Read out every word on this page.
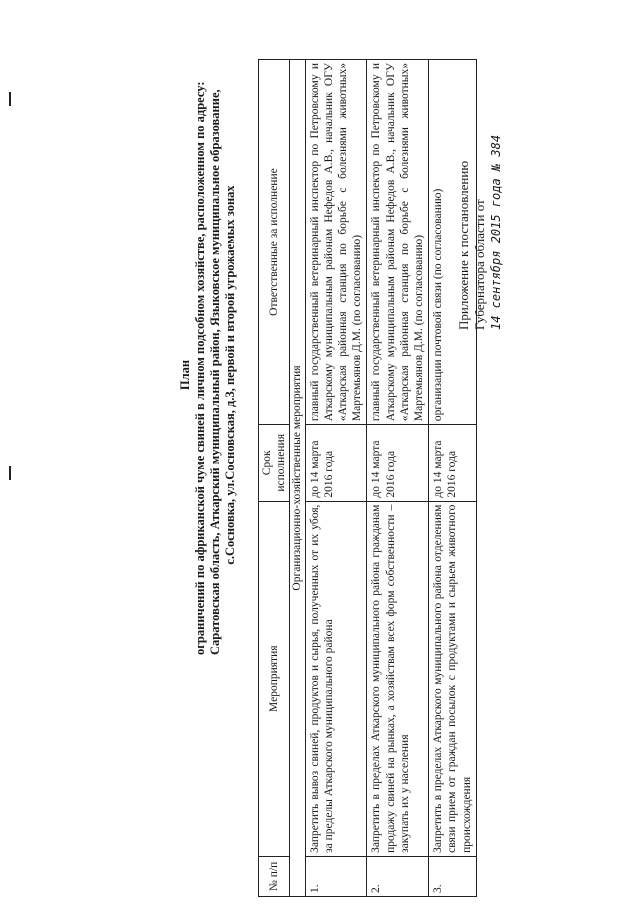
Приложение к постановлению Губернатора области от 14 сентября 2015 года № 384
План ограничений по африканской чуме свиней в личном подсобном хозяйстве, расположенном по адресу: Саратовская область, Аткарский муниципальный район, Языковское муниципальное образование, с.Сосновка, ул.Сосновская, д.3, первой и второй угрожаемых зонах
№ п/п	Мероприятия	Срок исполнения	Ответственные за исполнение
Организационно-хозяйственные мероприятия			
1.	Запретить вывоз свиней, продуктов и сырья, полученных от их убоя, за пределы Аткарского муниципального района	до 14 марта 2016 года	главный государственный ветеринарный инспектор по Петровскому и Аткарскому муниципальным районам Нефедов А.В., начальник ОГУ «Аткарская районная станция по борьбе с болезнями животных» Мартемьянов Д.М. (по согласованию)
2.	Запретить в пределах Аткарского муниципального района гражданам продажу свиней на рынках, а хозяйствам всех форм собственности – закупать их у населения	до 14 марта 2016 года	главный государственный ветеринарный инспектор по Петровскому и Аткарскому муниципальным районам Нефедов А.В., начальник ОГУ «Аткарская районная станция по борьбе с болезнями животных» Мартемьянов Д.М. (по согласованию)
3.	Запретить в пределах Аткарского муниципального района отделениям связи прием от граждан посылок с продуктами и сырьем животного происхождения	до 14 марта 2016 года	организации почтовой связи (по согласованию)
